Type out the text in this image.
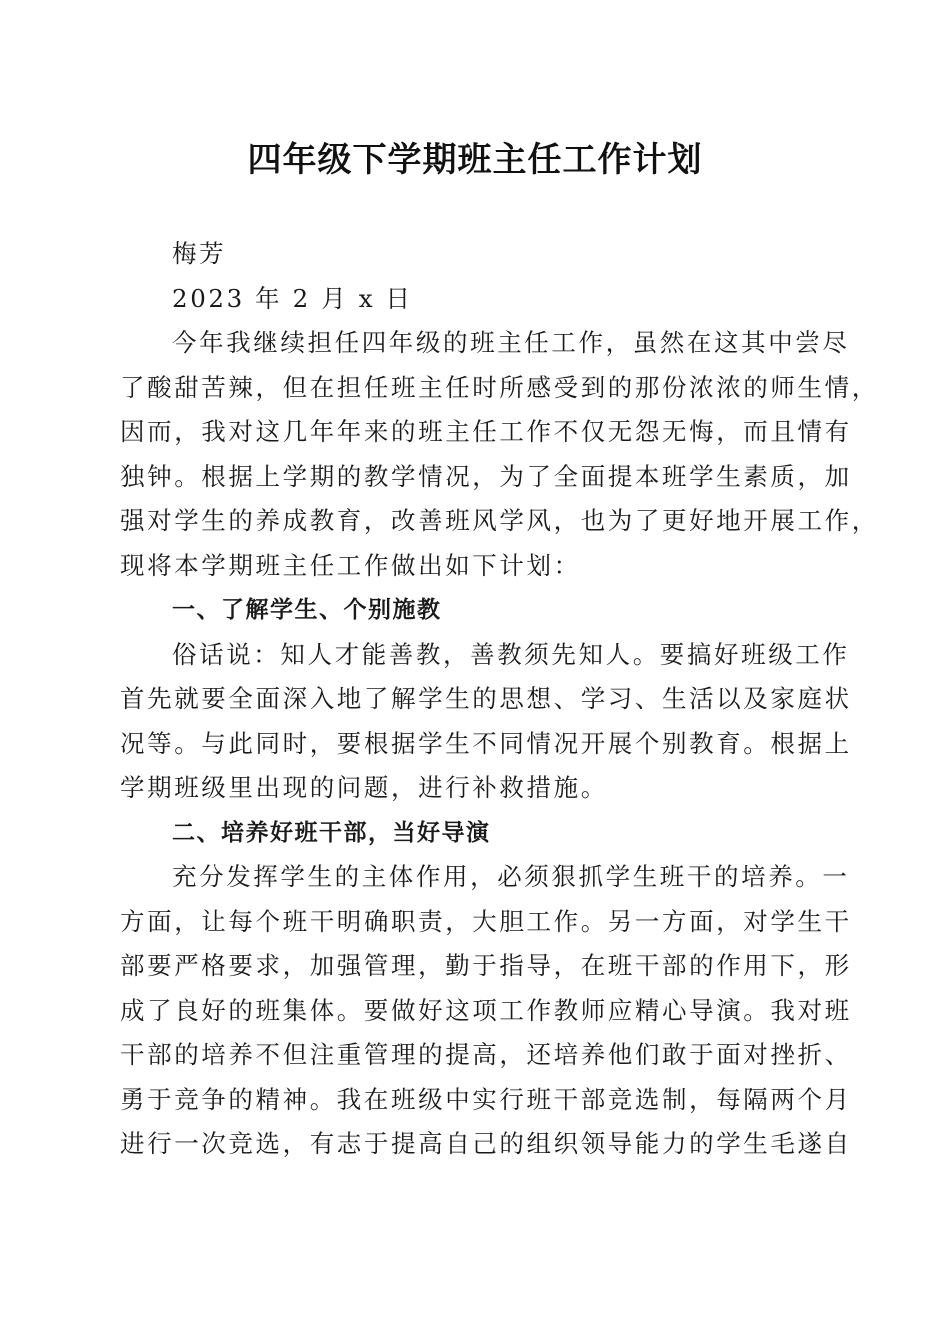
四年级下学期班主任工作计划
梅芳
2023 年 2 月 x 日
今年我继续担任四年级的班主任工作，虽然在这其中尝尽
了酸甜苦辣，但在担任班主任时所感受到的那份浓浓的师生情，
因而，我对这几年年来的班主任工作不仅无怨无悔，而且情有
独钟。根据上学期的教学情况，为了全面提本班学生素质，加
强对学生的养成教育，改善班风学风，也为了更好地开展工作，
现将本学期班主任工作做出如下计划：
一、了解学生、个别施教
俗话说：知人才能善教，善教须先知人。要搞好班级工作
首先就要全面深入地了解学生的思想、学习、生活以及家庭状
况等。与此同时，要根据学生不同情况开展个别教育。根据上
学期班级里出现的问题，进行补救措施。
二、培养好班干部，当好导演
充分发挥学生的主体作用，必须狠抓学生班干的培养。一
方面，让每个班干明确职责，大胆工作。另一方面，对学生干
部要严格要求，加强管理，勤于指导，在班干部的作用下，形
成了良好的班集体。要做好这项工作教师应精心导演。我对班
干部的培养不但注重管理的提高，还培养他们敢于面对挫折、
勇于竞争的精神。我在班级中实行班干部竞选制，每隔两个月
进行一次竞选，有志于提高自己的组织领导能力的学生毛遂自
